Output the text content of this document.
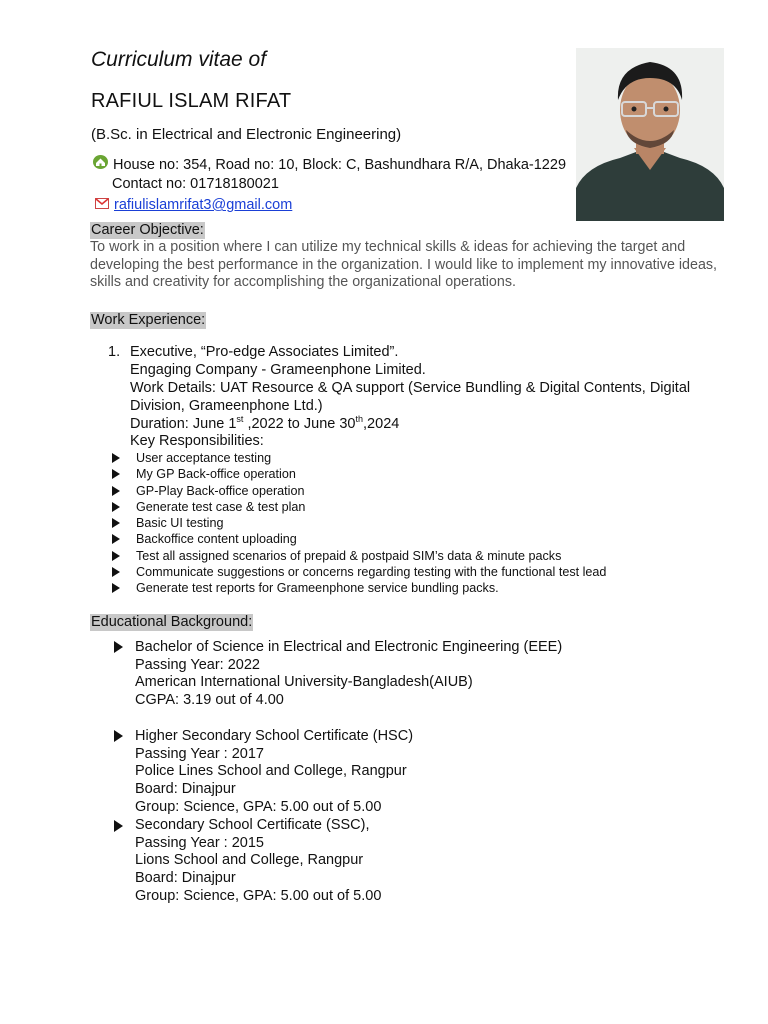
Curriculum vitae of
RAFIUL ISLAM RIFAT
(B.Sc. in Electrical and Electronic Engineering)
House no: 354, Road no: 10, Block: C, Bashundhara R/A, Dhaka-1229
Contact no: 01718180021
rafiulislamrifat3@gmail.com
Career Objective:
To work in a position where I can utilize my technical skills & ideas for achieving the target and developing the best performance in the organization. I would like to implement my innovative ideas, skills and creativity for accomplishing the organizational operations.
Work Experience:
1. Executive, “Pro-edge Associates Limited”.
Engaging Company - Grameenphone Limited.
Work Details: UAT Resource & QA support (Service Bundling & Digital Contents, Digital
Division, Grameenphone Ltd.)
Duration: June 1st ,2022 to June 30th,2024
Key Responsibilities:
User acceptance testing
My GP Back-office operation
GP-Play Back-office operation
Generate test case & test plan
Basic UI testing
Backoffice content uploading
Test all assigned scenarios of prepaid & postpaid SIM’s data & minute packs
Communicate suggestions or concerns regarding testing with the functional test lead
Generate test reports for Grameenphone service bundling packs.
Educational Background:
Bachelor of Science in Electrical and Electronic Engineering (EEE)
Passing Year: 2022
American International University-Bangladesh(AIUB)
CGPA: 3.19 out of 4.00
Higher Secondary School Certificate (HSC)
Passing Year : 2017
Police Lines School and College, Rangpur
Board: Dinajpur
Group: Science, GPA: 5.00 out of 5.00
Secondary School Certificate (SSC),
Passing Year : 2015
Lions School and College, Rangpur
Board: Dinajpur
Group: Science, GPA: 5.00 out of 5.00
